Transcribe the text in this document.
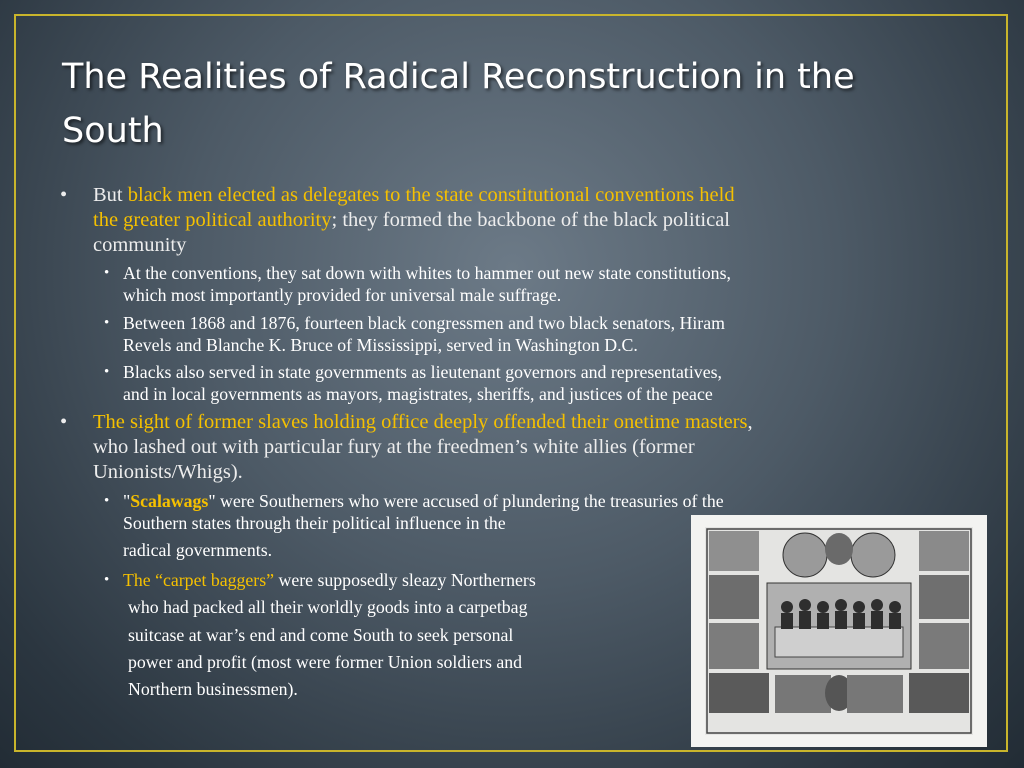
The Realities of Radical Reconstruction in the
South
• But black men elected as delegates to the state constitutional conventions held
the greater political authority; they formed the backbone of the black political
community
• At the conventions, they sat down with whites to hammer out new state constitutions,
which most importantly provided for universal male suffrage.
• Between 1868 and 1876, fourteen black congressmen and two black senators, Hiram
Revels and Blanche K. Bruce of Mississippi, served in Washington D.C.
• Blacks also served in state governments as lieutenant governors and representatives,
and in local governments as mayors, magistrates, sheriffs, and justices of the peace
• The sight of former slaves holding office deeply offended their onetime masters,
who lashed out with particular fury at the freedmen’s white allies (former
Unionists/Whigs).
• "Scalawags" were Southerners who were accused of plundering the treasuries of the
Southern states through their political influence in the
radical governments.
• The “carpet baggers” were supposedly sleazy Northerners
who had packed all their worldly goods into a carpetbag
suitcase at war’s end and come South to seek personal
power and profit (most were former Union soldiers and
Northern businessmen).
